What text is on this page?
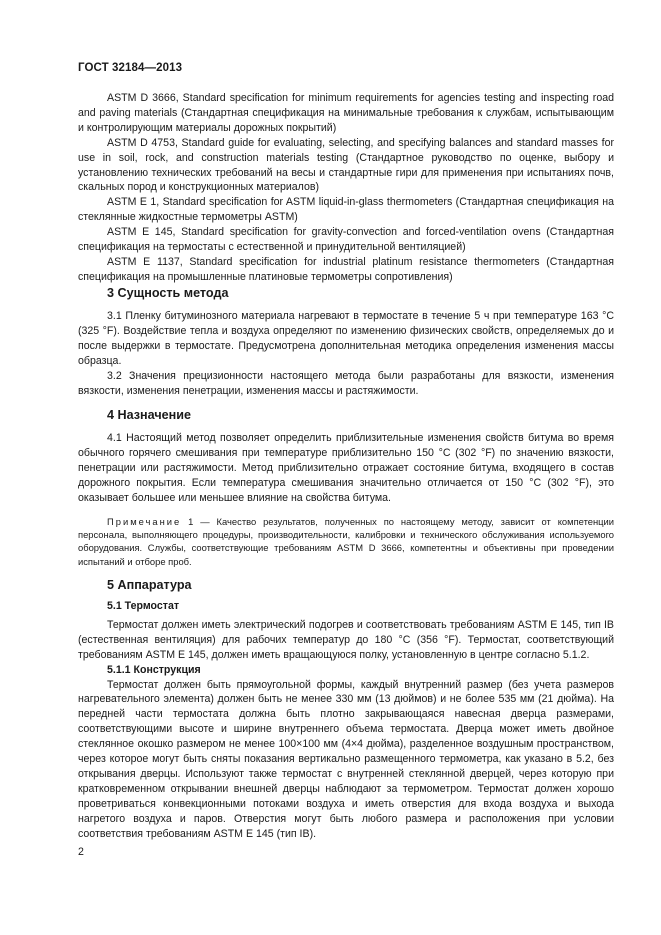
ГОСТ 32184—2013

ASTM D 3666, Standard specification for minimum requirements for agencies testing and inspecting road and paving materials (Стандартная спецификация на минимальные требования к службам, испытывающим и контролирующим материалы дорожных покрытий)

ASTM D 4753, Standard guide for evaluating, selecting, and specifying balances and standard masses for use in soil, rock, and construction materials testing (Стандартное руководство по оценке, выбору и установлению технических требований на весы и стандартные гири для применения при испытаниях почв, скальных пород и конструкционных материалов)

ASTM E 1, Standard specification for ASTM liquid-in-glass thermometers (Стандартная спецификация на стеклянные жидкостные термометры ASTM)

ASTM E 145, Standard specification for gravity-convection and forced-ventilation ovens (Стандартная спецификация на термостаты с естественной и принудительной вентиляцией)

ASTM E 1137, Standard specification for industrial platinum resistance thermometers (Стандартная спецификация на промышленные платиновые термометры сопротивления)

3 Сущность метода

3.1 Пленку битуминозного материала нагревают в термостате в течение 5 ч при температуре 163 °С (325 °F). Воздействие тепла и воздуха определяют по изменению физических свойств, определяемых до и после выдержки в термостате. Предусмотрена дополнительная методика определения изменения массы образца.

3.2 Значения прецизионности настоящего метода были разработаны для вязкости, изменения вязкости, изменения пенетрации, изменения массы и растяжимости.

4 Назначение

4.1 Настоящий метод позволяет определить приблизительные изменения свойств битума во время обычного горячего смешивания при температуре приблизительно 150 °С (302 °F) по значению вязкости, пенетрации или растяжимости. Метод приблизительно отражает состояние битума, входящего в состав дорожного покрытия. Если температура смешивания значительно отличается от 150 °С (302 °F), это оказывает большее или меньшее влияние на свойства битума.

Примечание 1 — Качество результатов, полученных по настоящему методу, зависит от компетенции персонала, выполняющего процедуры, производительности, калибровки и технического обслуживания используемого оборудования. Службы, соответствующие требованиям ASTM D 3666, компетентны и объективны при проведении испытаний и отборе проб.

5 Аппаратура
5.1 Термостат

Термостат должен иметь электрический подогрев и соответствовать требованиям ASTM E 145, тип IB (естественная вентиляция) для рабочих температур до 180 °С (356 °F). Термостат, соответствующий требованиям ASTM E 145, должен иметь вращающуюся полку, установленную в центре согласно 5.1.2.

5.1.1 Конструкция

Термостат должен быть прямоугольной формы, каждый внутренний размер (без учета размеров нагревательного элемента) должен быть не менее 330 мм (13 дюймов) и не более 535 мм (21 дюйма). На передней части термостата должна быть плотно закрывающаяся навесная дверца размерами, соответствующими высоте и ширине внутреннего объема термостата. Дверца может иметь двойное стеклянное окошко размером не менее 100×100 мм (4×4 дюйма), разделенное воздушным пространством, через которое могут быть сняты показания вертикально размещенного термометра, как указано в 5.2, без открывания дверцы. Используют также термостат с внутренней стеклянной дверцей, через которую при кратковременном открывании внешней дверцы наблюдают за термометром. Термостат должен хорошо проветриваться конвекционными потоками воздуха и иметь отверстия для входа воздуха и выхода нагретого воздуха и паров. Отверстия могут быть любого размера и расположения при условии соответствия требованиям ASTM E 145 (тип IB).

2
